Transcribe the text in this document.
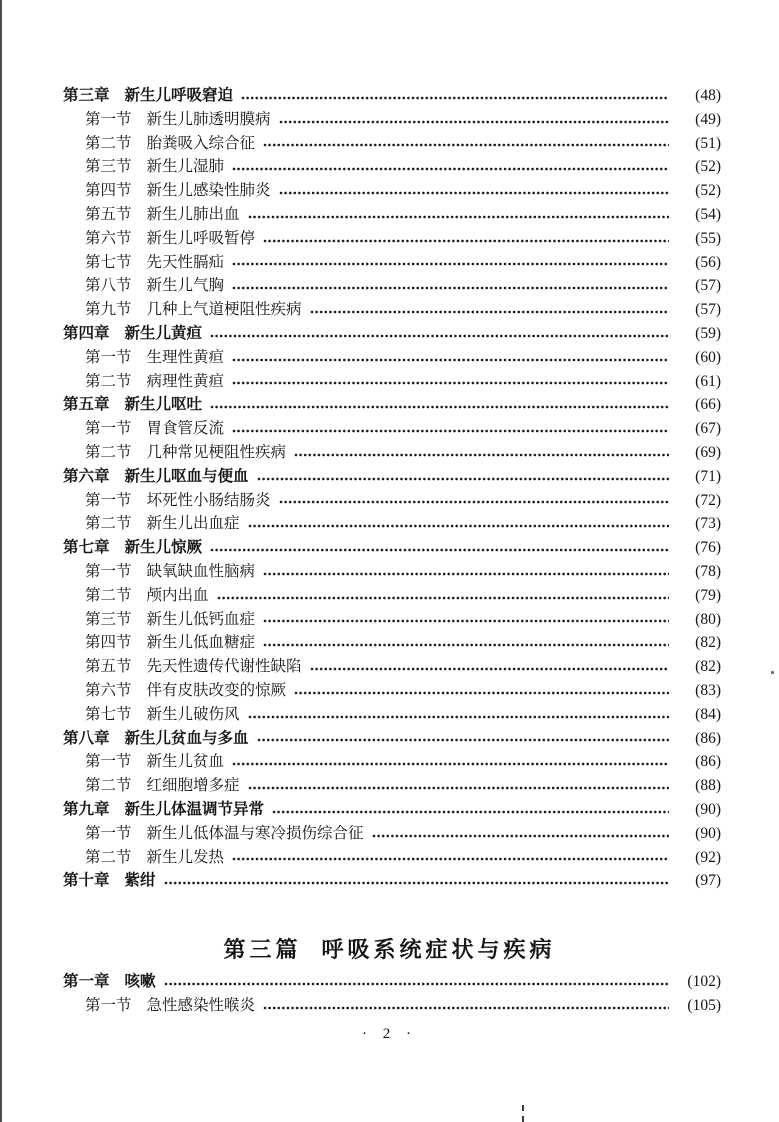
第三章 新生儿呼吸窘迫	(48)
第一节 新生儿肺透明膜病	(49)
第二节 胎粪吸入综合征	(51)
第三节 新生儿湿肺	(52)
第四节 新生儿感染性肺炎	(52)
第五节 新生儿肺出血	(54)
第六节 新生儿呼吸暂停	(55)
第七节 先天性膈疝	(56)
第八节 新生儿气胸	(57)
第九节 几种上气道梗阻性疾病	(57)
第四章 新生儿黄疸	(59)
第一节 生理性黄疸	(60)
第二节 病理性黄疸	(61)
第五章 新生儿呕吐	(66)
第一节 胃食管反流	(67)
第二节 几种常见梗阻性疾病	(69)
第六章 新生儿呕血与便血	(71)
第一节 坏死性小肠结肠炎	(72)
第二节 新生儿出血症	(73)
第七章 新生儿惊厥	(76)
第一节 缺氧缺血性脑病	(78)
第二节 颅内出血	(79)
第三节 新生儿低钙血症	(80)
第四节 新生儿低血糖症	(82)
第五节 先天性遗传代谢性缺陷	(82)
第六节 伴有皮肤改变的惊厥	(83)
第七节 新生儿破伤风	(84)
第八章 新生儿贫血与多血	(86)
第一节 新生儿贫血	(86)
第二节 红细胞增多症	(88)
第九章 新生儿体温调节异常	(90)
第一节 新生儿低体温与寒冷损伤综合征	(90)
第二节 新生儿发热	(92)
第十章 紫绀	(97)
第三篇 呼吸系统症状与疾病
第一章 咳嗽	(102)
第一节 急性感染性喉炎	(105)
· 2 ·
